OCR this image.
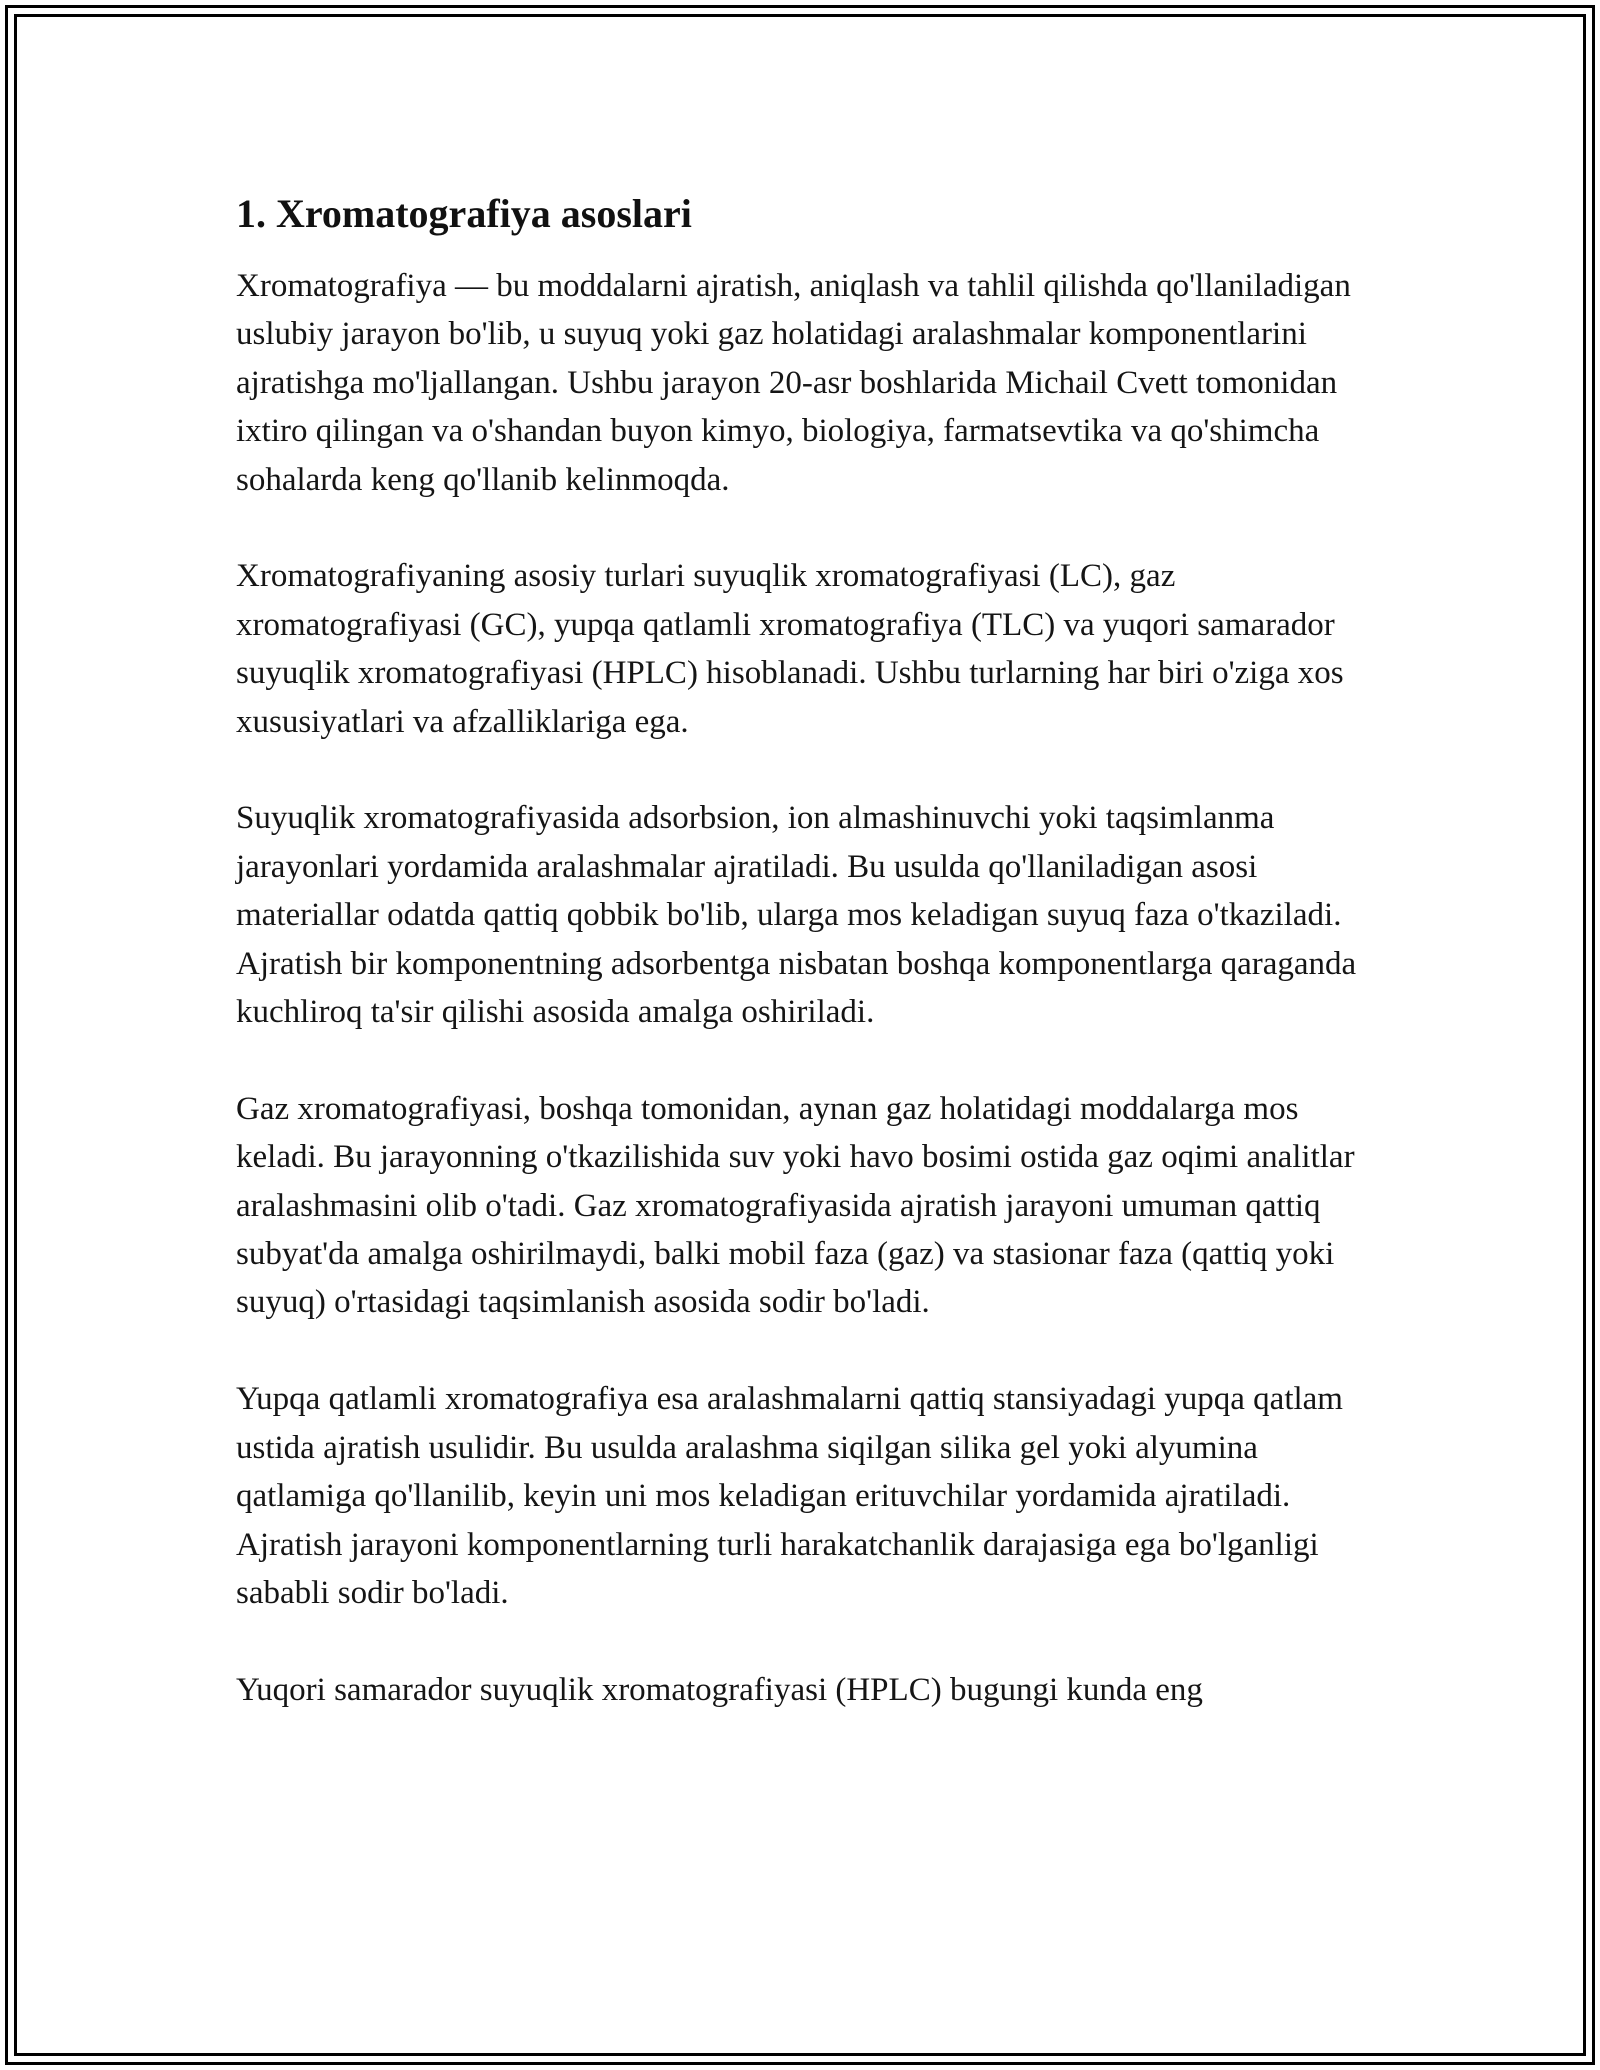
1. Xromatografiya asoslari

Xromatografiya — bu moddalarni ajratish, aniqlash va tahlil qilishda qo'llaniladigan uslubiy jarayon bo'lib, u suyuq yoki gaz holatidagi aralashmalar komponentlarini ajratishga mo'ljallangan. Ushbu jarayon 20-asr boshlarida Michail Cvett tomonidan ixtiro qilingan va o'shandan buyon kimyo, biologiya, farmatsevtika va qo'shimcha sohalarda keng qo'llanib kelinmoqda.

Xromatografiyaning asosiy turlari suyuqlik xromatografiyasi (LC), gaz xromatografiyasi (GC), yupqa qatlamli xromatografiya (TLC) va yuqori samarador suyuqlik xromatografiyasi (HPLC) hisoblanadi. Ushbu turlarning har biri o'ziga xos xususiyatlari va afzalliklariga ega.

Suyuqlik xromatografiyasida adsorbsion, ion almashinuvchi yoki taqsimlanma jarayonlari yordamida aralashmalar ajratiladi. Bu usulda qo'llaniladigan asosi materiallar odatda qattiq qobbik bo'lib, ularga mos keladigan suyuq faza o'tkaziladi. Ajratish bir komponentning adsorbentga nisbatan boshqa komponentlarga qaraganda kuchliroq ta'sir qilishi asosida amalga oshiriladi.

Gaz xromatografiyasi, boshqa tomonidan, aynan gaz holatidagi moddalarga mos keladi. Bu jarayonning o'tkazilishida suv yoki havo bosimi ostida gaz oqimi analitlar aralashmasini olib o'tadi. Gaz xromatografiyasida ajratish jarayoni umuman qattiq subyat'da amalga oshirilmaydi, balki mobil faza (gaz) va stasionar faza (qattiq yoki suyuq) o'rtasidagi taqsimlanish asosida sodir bo'ladi.

Yupqa qatlamli xromatografiya esa aralashmalarni qattiq stansiyadagi yupqa qatlam ustida ajratish usulidir. Bu usulda aralashma siqilgan silika gel yoki alyumina qatlamiga qo'llanilib, keyin uni mos keladigan erituvchilar yordamida ajratiladi. Ajratish jarayoni komponentlarning turli harakatchanlik darajasiga ega bo'lganligi sababli sodir bo'ladi.

Yuqori samarador suyuqlik xromatografiyasi (HPLC) bugungi kunda eng
